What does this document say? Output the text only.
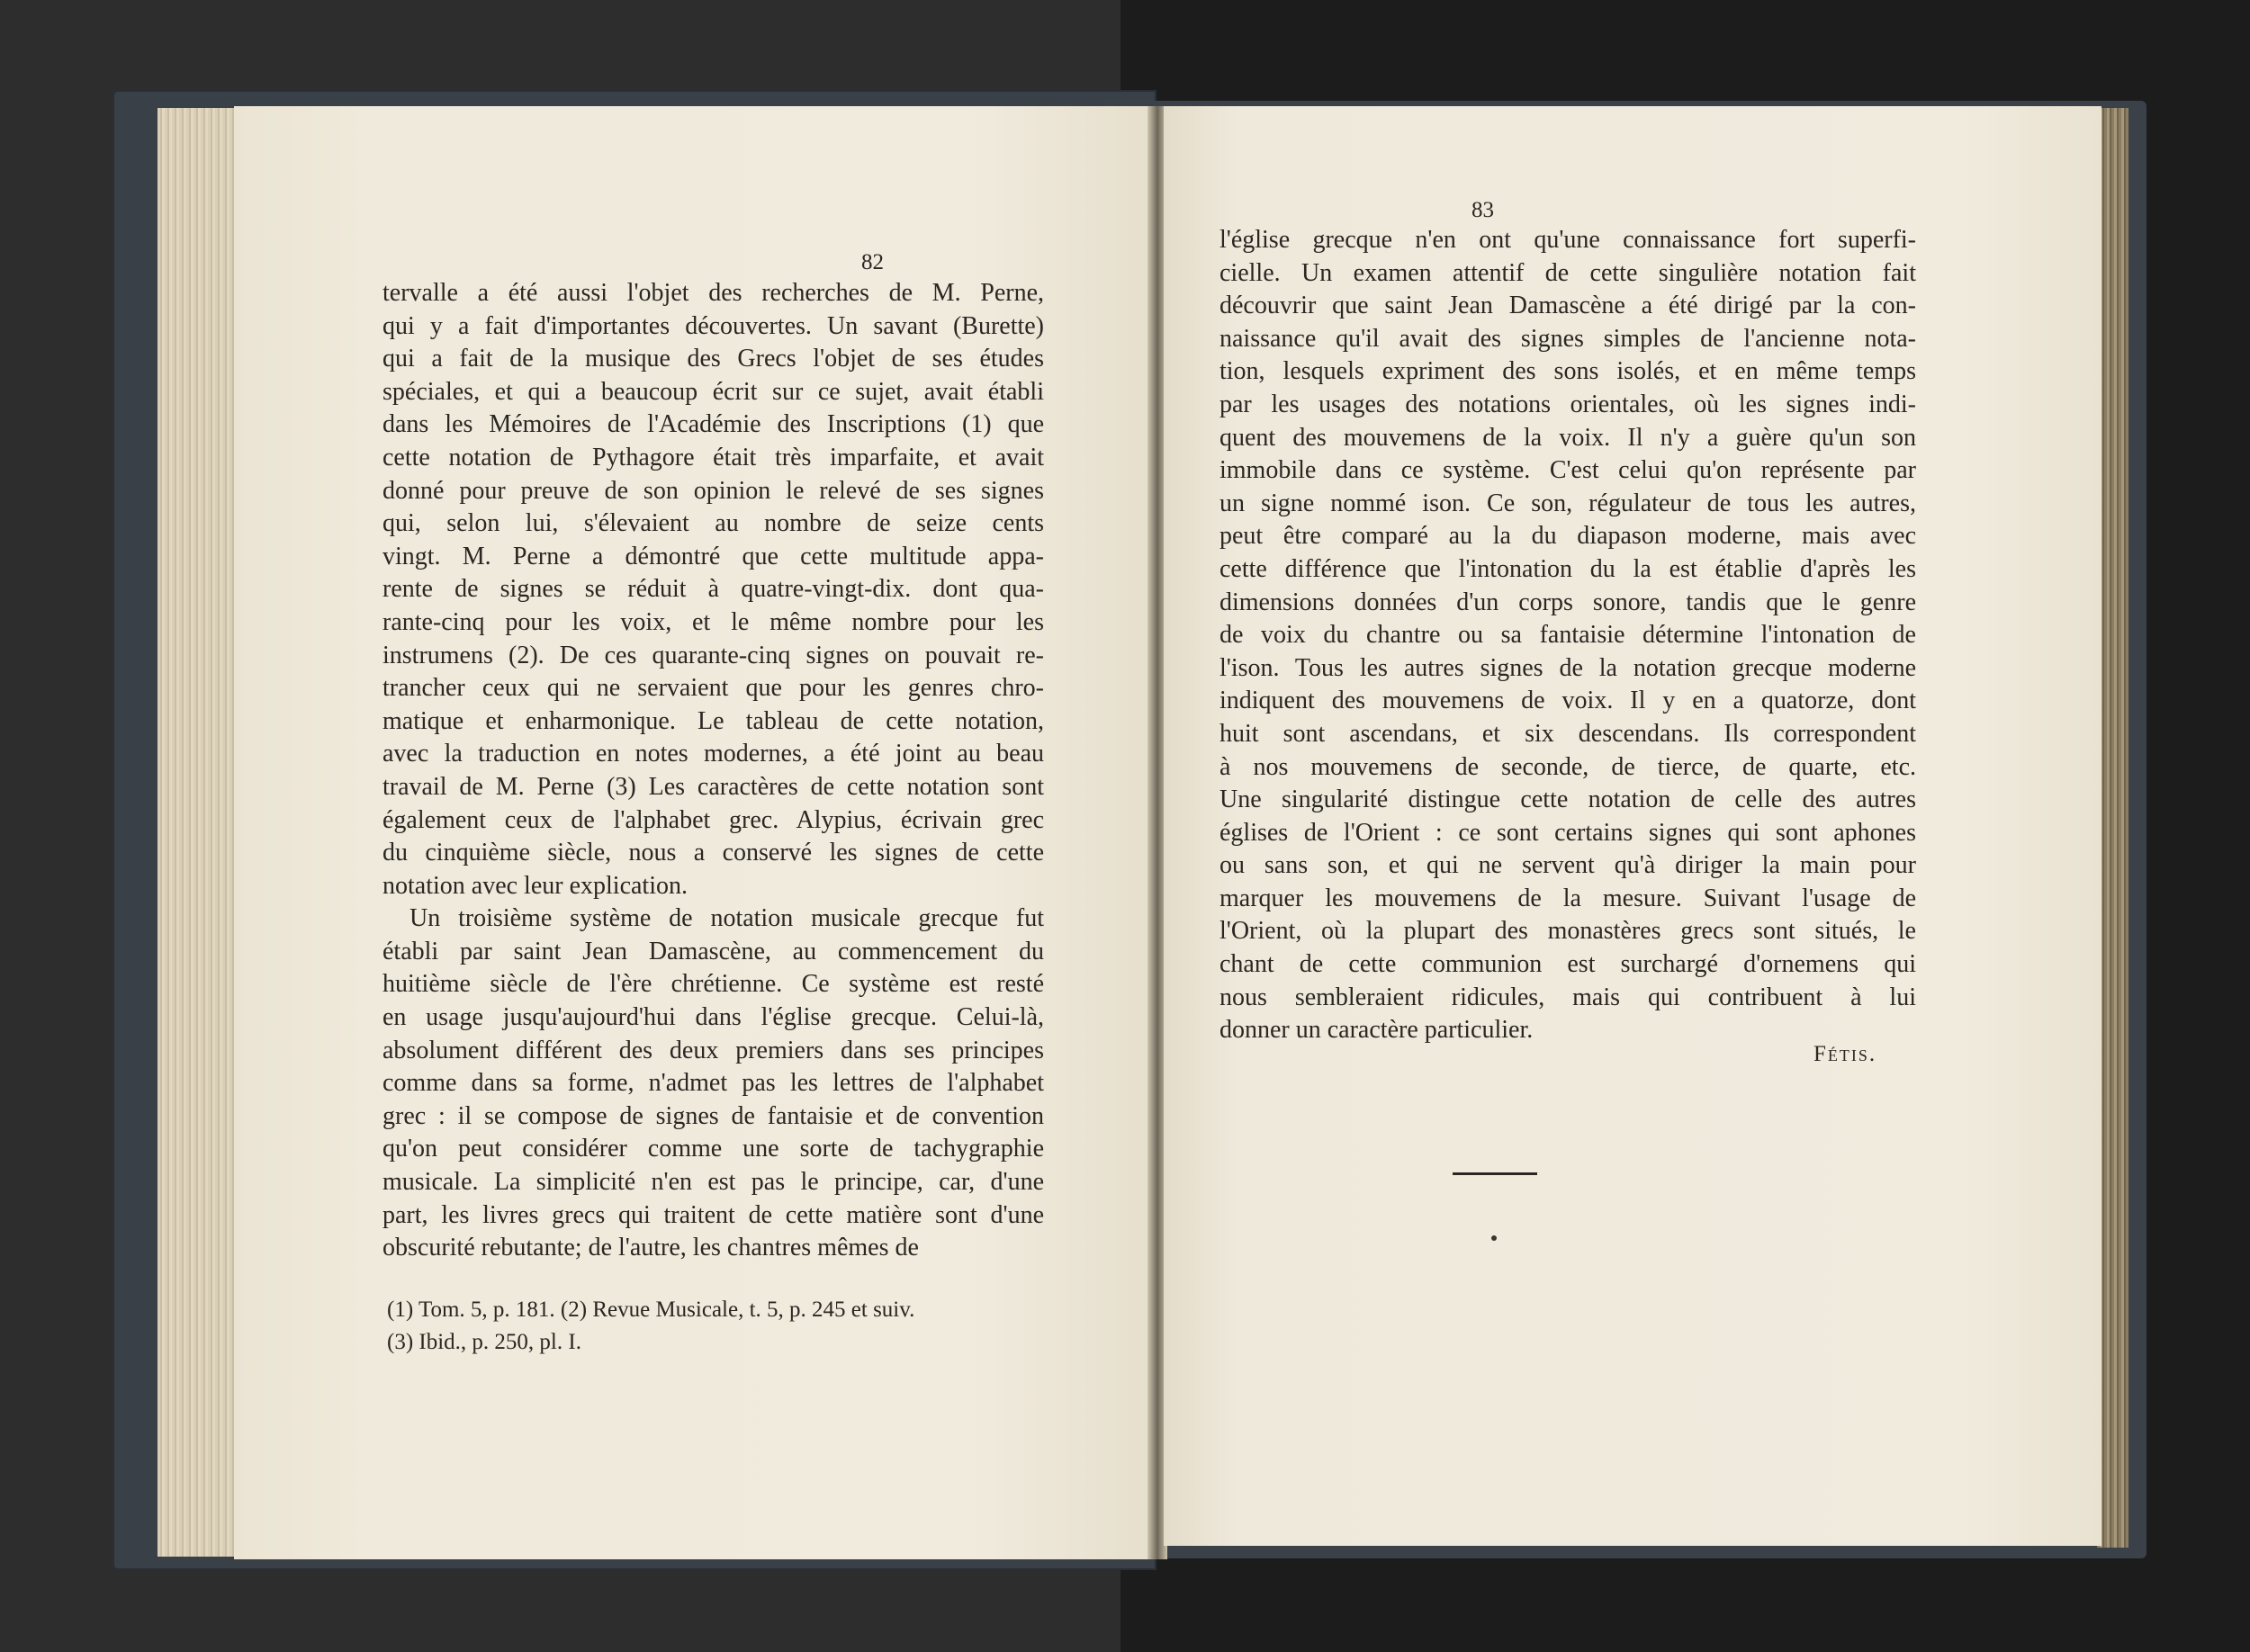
82
tervalle a été aussi l'objet des recherches de M. Perne,
qui y a fait d'importantes découvertes. Un savant (Burette)
qui a fait de la musique des Grecs l'objet de ses études
spéciales, et qui a beaucoup écrit sur ce sujet, avait établi
dans les Mémoires de l'Académie des Inscriptions (1) que
cette notation de Pythagore était très imparfaite, et avait
donné pour preuve de son opinion le relevé de ses signes
qui, selon lui, s'élevaient au nombre de seize cents
vingt. M. Perne a démontré que cette multitude appa-
rente de signes se réduit à quatre-vingt-dix. dont qua-
rante-cinq pour les voix, et le même nombre pour les
instrumens (2). De ces quarante-cinq signes on pouvait re-
trancher ceux qui ne servaient que pour les genres chro-
matique et enharmonique. Le tableau de cette notation,
avec la traduction en notes modernes, a été joint au beau
travail de M. Perne (3) Les caractères de cette notation sont
également ceux de l'alphabet grec. Alypius, écrivain grec
du cinquième siècle, nous a conservé les signes de cette
notation avec leur explication.
Un troisième système de notation musicale grecque fut
établi par saint Jean Damascène, au commencement du
huitième siècle de l'ère chrétienne. Ce système est resté
en usage jusqu'aujourd'hui dans l'église grecque. Celui-là,
absolument différent des deux premiers dans ses principes
comme dans sa forme, n'admet pas les lettres de l'alphabet
grec : il se compose de signes de fantaisie et de convention
qu'on peut considérer comme une sorte de tachygraphie
musicale. La simplicité n'en est pas le principe, car, d'une
part, les livres grecs qui traitent de cette matière sont d'une
obscurité rebutante; de l'autre, les chantres mêmes de
(1) Tom. 5, p. 181. (2) Revue Musicale, t. 5, p. 245 et suiv.
(3) Ibid., p. 250, pl. I.
83
l'église grecque n'en ont qu'une connaissance fort superfi-
cielle. Un examen attentif de cette singulière notation fait
découvrir que saint Jean Damascène a été dirigé par la con-
naissance qu'il avait des signes simples de l'ancienne nota-
tion, lesquels expriment des sons isolés, et en même temps
par les usages des notations orientales, où les signes indi-
quent des mouvemens de la voix. Il n'y a guère qu'un son
immobile dans ce système. C'est celui qu'on représente par
un signe nommé ison. Ce son, régulateur de tous les autres,
peut être comparé au la du diapason moderne, mais avec
cette différence que l'intonation du la est établie d'après les
dimensions données d'un corps sonore, tandis que le genre
de voix du chantre ou sa fantaisie détermine l'intonation de
l'ison. Tous les autres signes de la notation grecque moderne
indiquent des mouvemens de voix. Il y en a quatorze, dont
huit sont ascendans, et six descendans. Ils correspondent
à nos mouvemens de seconde, de tierce, de quarte, etc.
Une singularité distingue cette notation de celle des autres
églises de l'Orient : ce sont certains signes qui sont aphones
ou sans son, et qui ne servent qu'à diriger la main pour
marquer les mouvemens de la mesure. Suivant l'usage de
l'Orient, où la plupart des monastères grecs sont situés, le
chant de cette communion est surchargé d'ornemens qui
nous sembleraient ridicules, mais qui contribuent à lui
donner un caractère particulier.
Fétis.
